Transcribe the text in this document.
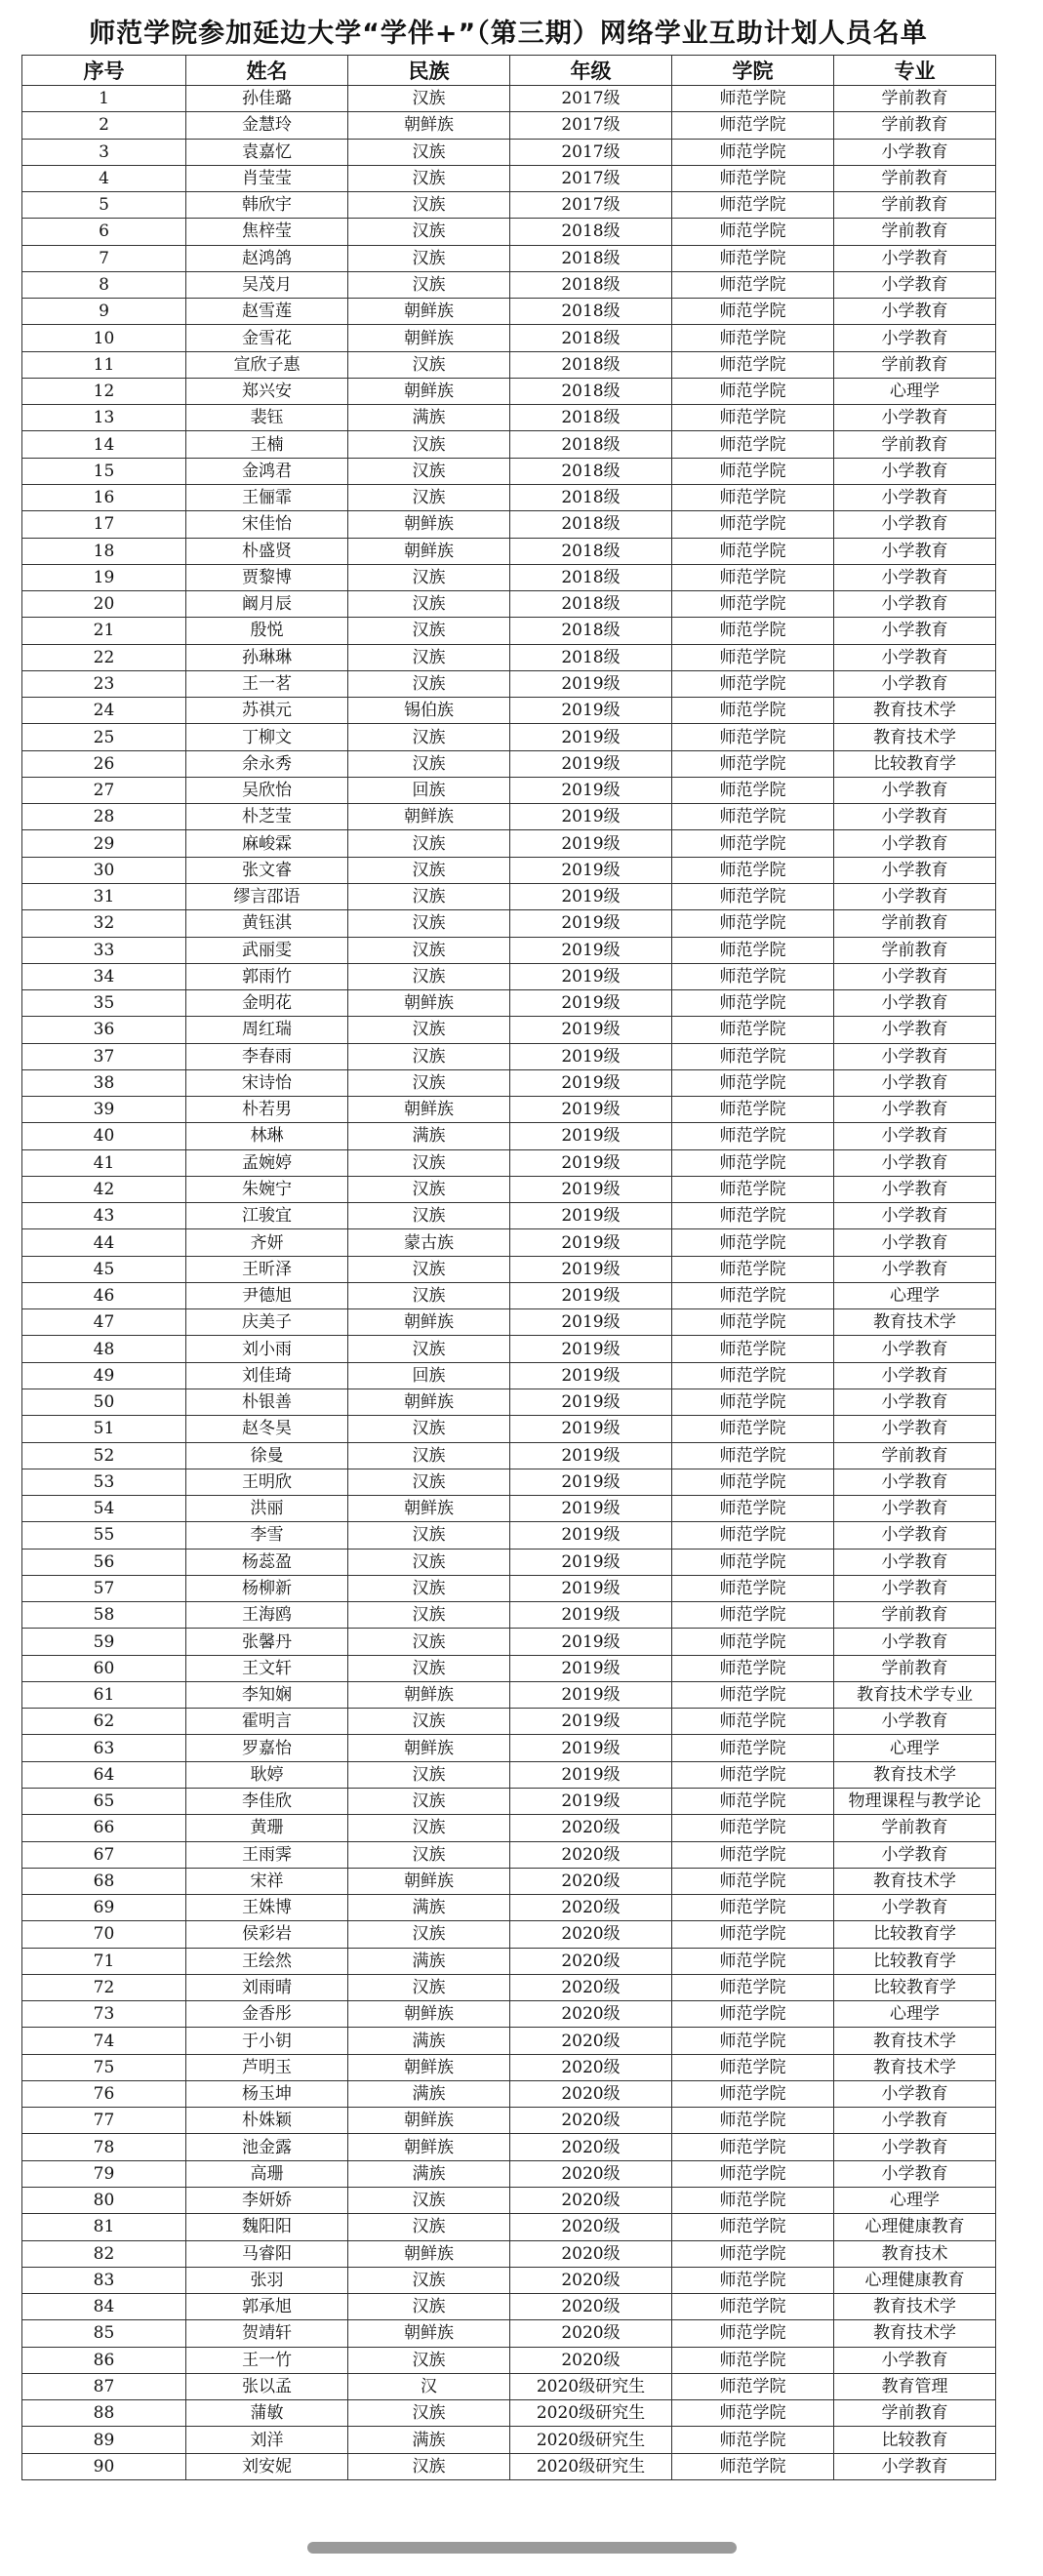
师范学院参加延边大学“学伴+”（第三期）网络学业互助计划人员名单
序号	姓名	民族	年级	学院	专业
1	孙佳璐	汉族	2017级	师范学院	学前教育
2	金慧玲	朝鲜族	2017级	师范学院	学前教育
3	袁嘉忆	汉族	2017级	师范学院	小学教育
4	肖莹莹	汉族	2017级	师范学院	学前教育
5	韩欣宇	汉族	2017级	师范学院	学前教育
6	焦梓莹	汉族	2018级	师范学院	学前教育
7	赵鸿鸽	汉族	2018级	师范学院	小学教育
8	吴茂月	汉族	2018级	师范学院	小学教育
9	赵雪莲	朝鲜族	2018级	师范学院	小学教育
10	金雪花	朝鲜族	2018级	师范学院	小学教育
11	宣欣子惠	汉族	2018级	师范学院	学前教育
12	郑兴安	朝鲜族	2018级	师范学院	心理学
13	裴钰	满族	2018级	师范学院	小学教育
14	王楠	汉族	2018级	师范学院	学前教育
15	金鸿君	汉族	2018级	师范学院	小学教育
16	王俪霏	汉族	2018级	师范学院	小学教育
17	宋佳怡	朝鲜族	2018级	师范学院	小学教育
18	朴盛贤	朝鲜族	2018级	师范学院	小学教育
19	贾黎博	汉族	2018级	师范学院	小学教育
20	阚月辰	汉族	2018级	师范学院	小学教育
21	殷悦	汉族	2018级	师范学院	小学教育
22	孙琳琳	汉族	2018级	师范学院	小学教育
23	王一茗	汉族	2019级	师范学院	小学教育
24	苏祺元	锡伯族	2019级	师范学院	教育技术学
25	丁柳文	汉族	2019级	师范学院	教育技术学
26	余永秀	汉族	2019级	师范学院	比较教育学
27	吴欣怡	回族	2019级	师范学院	小学教育
28	朴芝莹	朝鲜族	2019级	师范学院	小学教育
29	麻峻霖	汉族	2019级	师范学院	小学教育
30	张文睿	汉族	2019级	师范学院	小学教育
31	缪言邵语	汉族	2019级	师范学院	小学教育
32	黄钰淇	汉族	2019级	师范学院	学前教育
33	武丽雯	汉族	2019级	师范学院	学前教育
34	郭雨竹	汉族	2019级	师范学院	小学教育
35	金明花	朝鲜族	2019级	师范学院	小学教育
36	周红瑞	汉族	2019级	师范学院	小学教育
37	李春雨	汉族	2019级	师范学院	小学教育
38	宋诗怡	汉族	2019级	师范学院	小学教育
39	朴若男	朝鲜族	2019级	师范学院	小学教育
40	林琳	满族	2019级	师范学院	小学教育
41	孟婉婷	汉族	2019级	师范学院	小学教育
42	朱婉宁	汉族	2019级	师范学院	小学教育
43	江骏宜	汉族	2019级	师范学院	小学教育
44	齐妍	蒙古族	2019级	师范学院	小学教育
45	王昕泽	汉族	2019级	师范学院	小学教育
46	尹德旭	汉族	2019级	师范学院	心理学
47	庆美子	朝鲜族	2019级	师范学院	教育技术学
48	刘小雨	汉族	2019级	师范学院	小学教育
49	刘佳琦	回族	2019级	师范学院	小学教育
50	朴银善	朝鲜族	2019级	师范学院	小学教育
51	赵冬昊	汉族	2019级	师范学院	小学教育
52	徐曼	汉族	2019级	师范学院	学前教育
53	王明欣	汉族	2019级	师范学院	小学教育
54	洪丽	朝鲜族	2019级	师范学院	小学教育
55	李雪	汉族	2019级	师范学院	小学教育
56	杨蕊盈	汉族	2019级	师范学院	小学教育
57	杨柳新	汉族	2019级	师范学院	小学教育
58	王海鸥	汉族	2019级	师范学院	学前教育
59	张馨丹	汉族	2019级	师范学院	小学教育
60	王文轩	汉族	2019级	师范学院	学前教育
61	李知娴	朝鲜族	2019级	师范学院	教育技术学专业
62	霍明言	汉族	2019级	师范学院	小学教育
63	罗嘉怡	朝鲜族	2019级	师范学院	心理学
64	耿婷	汉族	2019级	师范学院	教育技术学
65	李佳欣	汉族	2019级	师范学院	物理课程与教学论
66	黄珊	汉族	2020级	师范学院	学前教育
67	王雨霁	汉族	2020级	师范学院	小学教育
68	宋祥	朝鲜族	2020级	师范学院	教育技术学
69	王姝博	满族	2020级	师范学院	小学教育
70	侯彩岩	汉族	2020级	师范学院	比较教育学
71	王绘然	满族	2020级	师范学院	比较教育学
72	刘雨晴	汉族	2020级	师范学院	比较教育学
73	金香彤	朝鲜族	2020级	师范学院	心理学
74	于小钥	满族	2020级	师范学院	教育技术学
75	芦明玉	朝鲜族	2020级	师范学院	教育技术学
76	杨玉坤	满族	2020级	师范学院	小学教育
77	朴姝颖	朝鲜族	2020级	师范学院	小学教育
78	池金露	朝鲜族	2020级	师范学院	小学教育
79	高珊	满族	2020级	师范学院	小学教育
80	李妍娇	汉族	2020级	师范学院	心理学
81	魏阳阳	汉族	2020级	师范学院	心理健康教育
82	马睿阳	朝鲜族	2020级	师范学院	教育技术
83	张羽	汉族	2020级	师范学院	心理健康教育
84	郭承旭	汉族	2020级	师范学院	教育技术学
85	贺靖轩	朝鲜族	2020级	师范学院	教育技术学
86	王一竹	汉族	2020级	师范学院	小学教育
87	张以孟	汉	2020级研究生	师范学院	教育管理
88	蒲敏	汉族	2020级研究生	师范学院	学前教育
89	刘洋	满族	2020级研究生	师范学院	比较教育
90	刘安妮	汉族	2020级研究生	师范学院	小学教育
